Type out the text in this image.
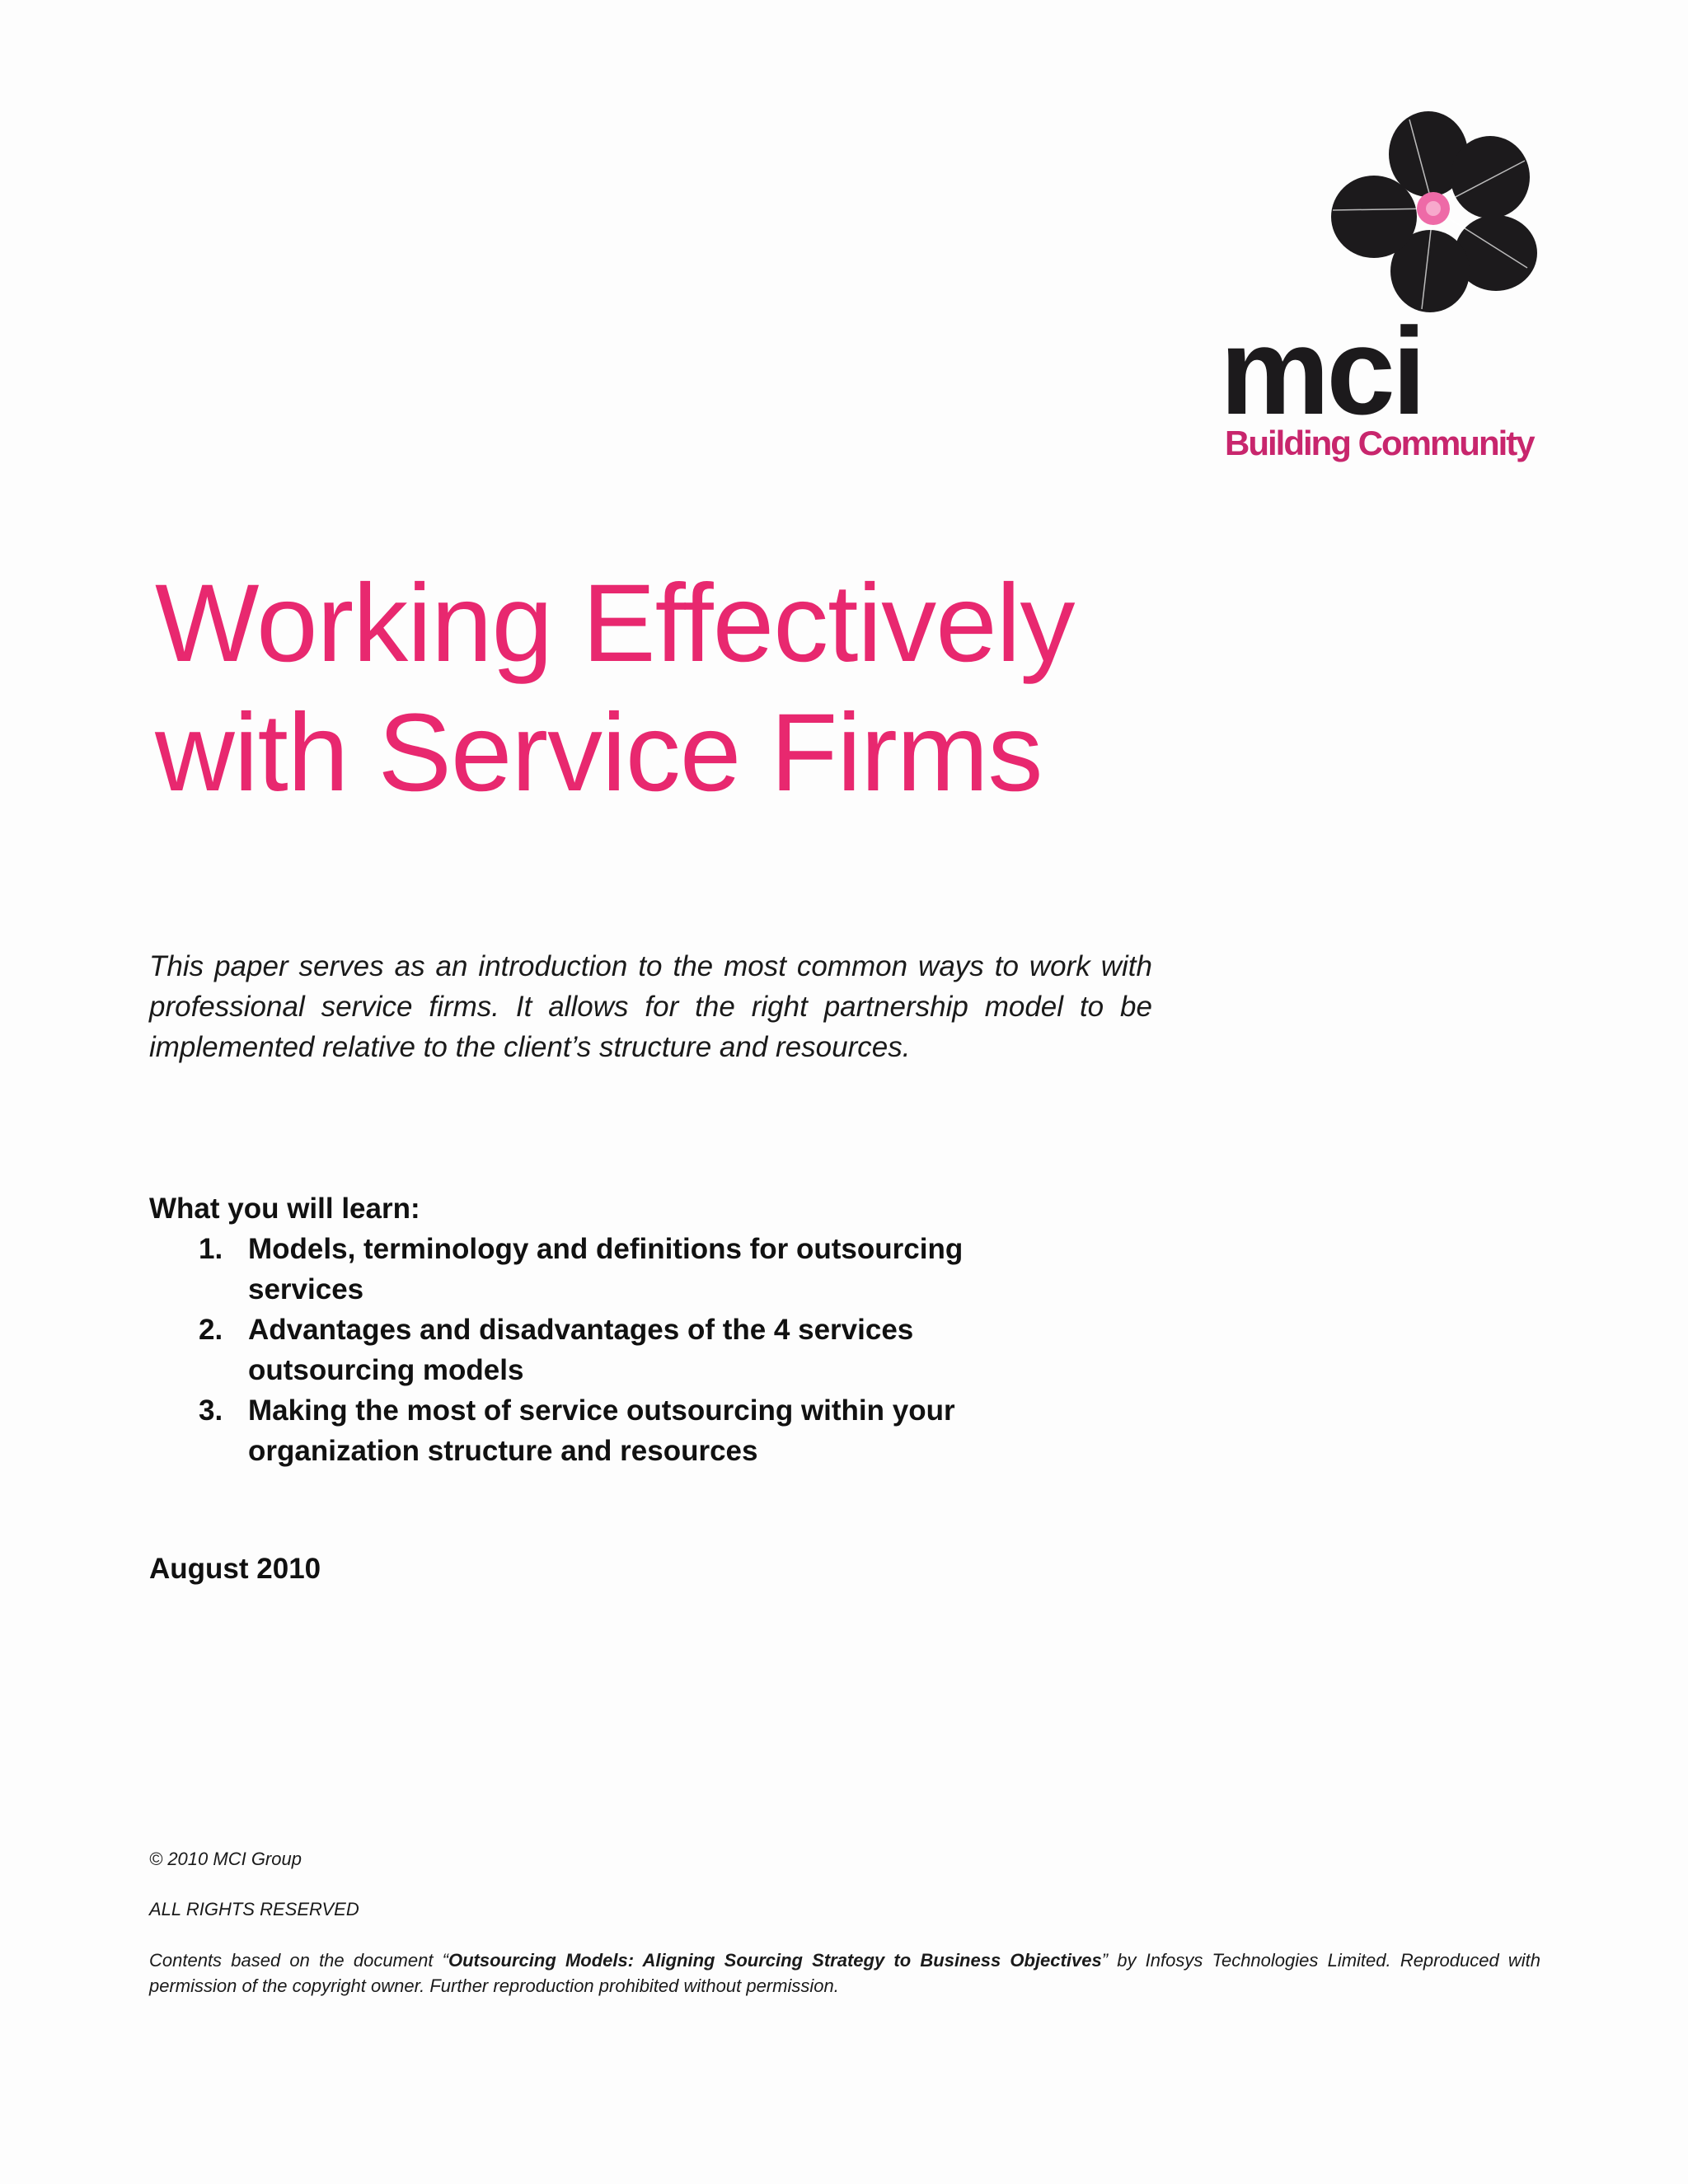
mci
Building Community
Working Effectively
with Service Firms

This paper serves as an introduction to the most common ways to work with professional service firms. It allows for the right partnership model to be implemented relative to the client’s structure and resources.

What you will learn:

1. Models, terminology and definitions for outsourcing services
2. Advantages and disadvantages of the 4 services outsourcing models
3. Making the most of service outsourcing within your organization structure and resources

August 2010

© 2010 MCI Group

ALL RIGHTS RESERVED

Contents based on the document “Outsourcing Models: Aligning Sourcing Strategy to Business Objectives” by Infosys Technologies Limited. Reproduced with permission of the copyright owner. Further reproduction prohibited without permission.
